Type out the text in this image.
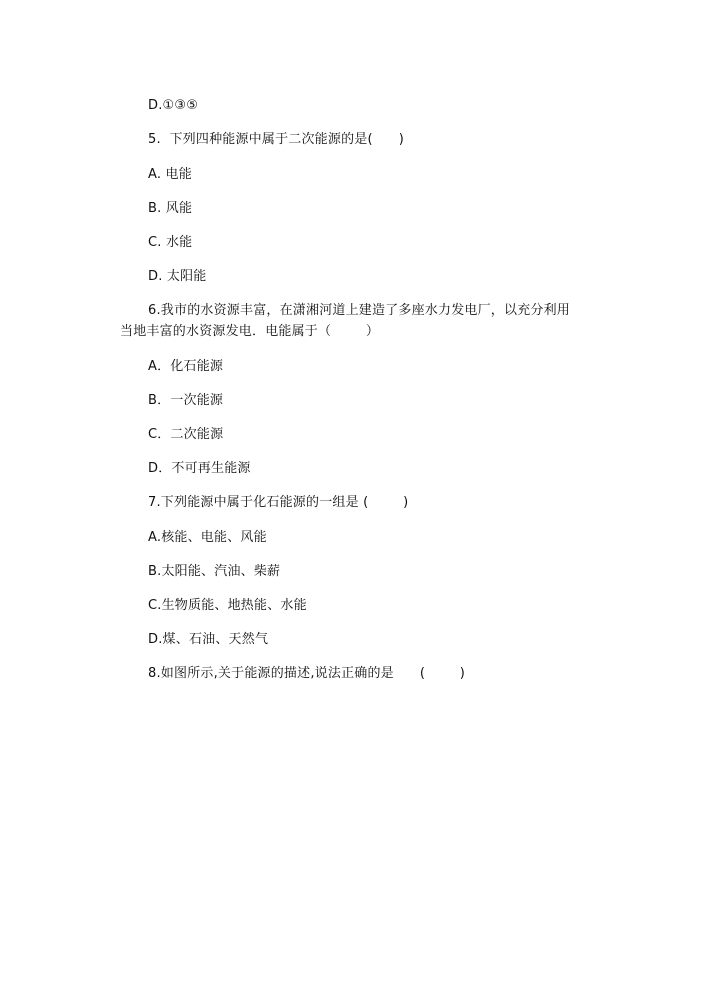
D.①③⑤
5.  下列四种能源中属于二次能源的是(      )
A. 电能
B. 风能
C. 水能
D. 太阳能
6.我市的水资源丰富，在潇湘河道上建造了多座水力发电厂，以充分利用
当地丰富的水资源发电．电能属于（        ）
A．化石能源
B．一次能源
C．二次能源
D．不可再生能源
7.下列能源中属于化石能源的一组是 (        )
A.核能、电能、风能
B.太阳能、汽油、柴薪
C.生物质能、地热能、水能
D.煤、石油、天然气
8.如图所示,关于能源的描述,说法正确的是      (        )
